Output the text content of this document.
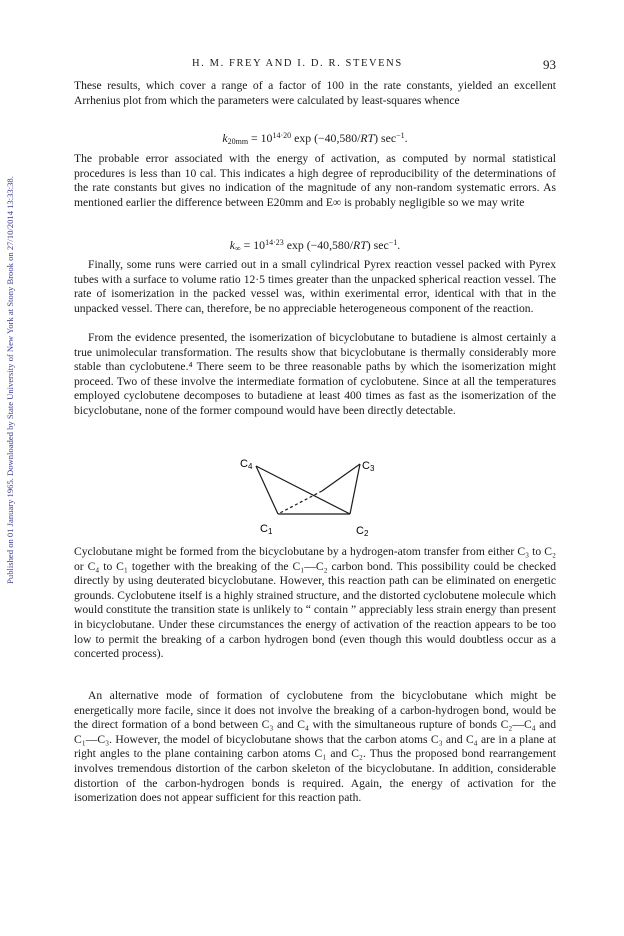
Published on 01 January 1965. Downloaded by State University of New York at Stony Brook on 27/10/2014 13:33:38.
H. M. FREY AND I. D. R. STEVENS	93

These results, which cover a range of a factor of 100 in the rate constants, yielded an excellent Arrhenius plot from which the parameters were calculated by least-squares whence

$k_{20mm} = 10^{14\cdot 20}$ exp (−40,580/RT) $\sec^{-1}$.

The probable error associated with the energy of activation, as computed by normal statistical procedures is less than 10 cal. This indicates a high degree of reproducibility of the determinations of the rate constants but gives no indication of the magnitude of any non-random systematic errors. As mentioned earlier the difference between E20mm and E∞ is probably negligible so we may write

$k_\infty = 10^{14\cdot 23}$ exp (−40,580/RT) $\sec^{-1}$.

Finally, some runs were carried out in a small cylindrical Pyrex reaction vessel packed with Pyrex tubes with a surface to volume ratio 12·5 times greater than the unpacked spherical reaction vessel. The rate of isomerization in the packed vessel was, within exerimental error, identical with that in the unpacked vessel. There can, therefore, be no appreciable heterogeneous component of the reaction.

From the evidence presented, the isomerization of bicyclobutane to butadiene is almost certainly a true unimolecular transformation. The results show that bicyclobutane is thermally considerably more stable than cyclobutene.⁴ There seem to be three reasonable paths by which the isomerization might proceed. Two of these involve the intermediate formation of cyclobutene. Since at all the temperatures employed cyclobutene decomposes to butadiene at least 400 times as fast as the isomerization of the bicyclobutane, none of the former compound would have been directly detectable.

C4	C3
C1	C2

Cyclobutane might be formed from the bicyclobutane by a hydrogen-atom transfer from either C₃ to C₂ or C₄ to C₁ together with the breaking of the C₁—C₂ carbon bond. This possibility could be checked directly by using deuterated bicyclobutane. However, this reaction path can be eliminated on energetic grounds. Cyclobutene itself is a highly strained structure, and the distorted cyclobutene molecule which would constitute the transition state is unlikely to “ contain ” appreciably less strain energy than present in bicyclobutane. Under these circumstances the energy of activation of the reaction appears to be too low to permit the breaking of a carbon hydrogen bond (even though this would doubtless occur as a concerted process).

An alternative mode of formation of cyclobutene from the bicyclobutane which might be energetically more facile, since it does not involve the breaking of a carbon-hydrogen bond, would be the direct formation of a bond between C₃ and C₄ with the simultaneous rupture of bonds C₂—C₄ and C₁—C₃. However, the model of bicyclobutane shows that the carbon atoms C₃ and C₄ are in a plane at right angles to the plane containing carbon atoms C₁ and C₂. Thus the proposed bond rearrangement involves tremendous distortion of the carbon skeleton of the bicyclobutane. In addition, considerable distortion of the carbon-hydrogen bonds is required. Again, the energy of activation for the isomerization does not appear sufficient for this reaction path.
